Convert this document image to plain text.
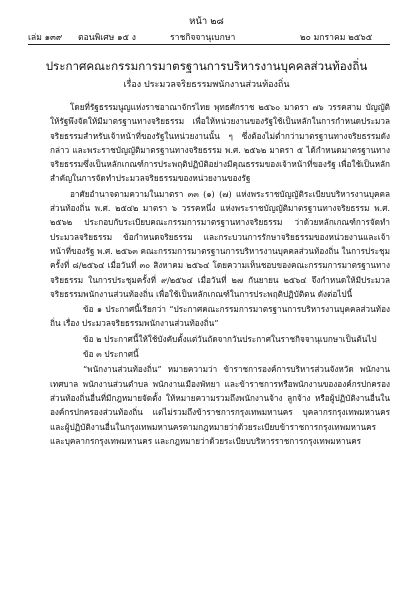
หน้า ๒๘
เล่ม ๑๓๙ ตอนพิเศษ ๑๕ ง	ราชกิจจานุเบกษา	๒๐ มกราคม ๒๕๖๕
ประกาศคณะกรรมการมาตรฐานการบริหารงานบุคคลส่วนท้องถิ่น
เรื่อง ประมวลจริยธรรมพนักงานส่วนท้องถิ่น

โดยที่รัฐธรรมนูญแห่งราชอาณาจักรไทย พุทธศักราช ๒๕๖๐ มาตรา ๗๖ วรรคสาม บัญญัติให้รัฐพึงจัดให้มีมาตรฐานทางจริยธรรม เพื่อให้หน่วยงานของรัฐใช้เป็นหลักในการกำหนดประมวลจริยธรรมสำหรับเจ้าหน้าที่ของรัฐในหน่วยงานนั้น ๆ ซึ่งต้องไม่ต่ำกว่ามาตรฐานทางจริยธรรมดังกล่าว และพระราชบัญญัติมาตรฐานทางจริยธรรม พ.ศ. ๒๕๖๒ มาตรา ๕ ได้กำหนดมาตรฐานทางจริยธรรมซึ่งเป็นหลักเกณฑ์การประพฤติปฏิบัติอย่างมีคุณธรรมของเจ้าหน้าที่ของรัฐ เพื่อใช้เป็นหลักสำคัญในการจัดทำประมวลจริยธรรมของหน่วยงานของรัฐ

อาศัยอำนาจตามความในมาตรา ๓๓ (๑) (๗) แห่งพระราชบัญญัติระเบียบบริหารงานบุคคลส่วนท้องถิ่น พ.ศ. ๒๕๔๒ มาตรา ๖ วรรคหนึ่ง แห่งพระราชบัญญัติมาตรฐานทางจริยธรรม พ.ศ. ๒๕๖๒ ประกอบกับระเบียบคณะกรรมการมาตรฐานทางจริยธรรม ว่าด้วยหลักเกณฑ์การจัดทำประมวลจริยธรรม ข้อกำหนดจริยธรรม และกระบวนการรักษาจริยธรรมของหน่วยงานและเจ้าหน้าที่ของรัฐ พ.ศ. ๒๕๖๓ คณะกรรมการมาตรฐานการบริหารงานบุคคลส่วนท้องถิ่น ในการประชุมครั้งที่ ๘/๒๕๖๔ เมื่อวันที่ ๓๐ สิงหาคม ๒๕๖๔ โดยความเห็นชอบของคณะกรรมการมาตรฐานทางจริยธรรม ในการประชุมครั้งที่ ๙/๒๕๖๔ เมื่อวันที่ ๒๗ กันยายน ๒๕๖๔ จึงกำหนดให้มีประมวลจริยธรรมพนักงานส่วนท้องถิ่น เพื่อใช้เป็นหลักเกณฑ์ในการประพฤติปฏิบัติตน ดังต่อไปนี้

ข้อ ๑ ประกาศนี้เรียกว่า “ประกาศคณะกรรมการมาตรฐานการบริหารงานบุคคลส่วนท้องถิ่น เรื่อง ประมวลจริยธรรมพนักงานส่วนท้องถิ่น”

ข้อ ๒ ประกาศนี้ให้ใช้บังคับตั้งแต่วันถัดจากวันประกาศในราชกิจจานุเบกษาเป็นต้นไป

ข้อ ๓ ประกาศนี้

“พนักงานส่วนท้องถิ่น” หมายความว่า ข้าราชการองค์การบริหารส่วนจังหวัด พนักงานเทศบาล พนักงานส่วนตำบล พนักงานเมืองพัทยา และข้าราชการหรือพนักงานขององค์กรปกครองส่วนท้องถิ่นอื่นที่มีกฎหมายจัดตั้ง ให้หมายความรวมถึงพนักงานจ้าง ลูกจ้าง หรือผู้ปฏิบัติงานอื่นในองค์กรปกครองส่วนท้องถิ่น แต่ไม่รวมถึงข้าราชการกรุงเทพมหานคร บุคลากรกรุงเทพมหานครและผู้ปฏิบัติงานอื่นในกรุงเทพมหานครตามกฎหมายว่าด้วยระเบียบข้าราชการกรุงเทพมหานครและบุคลากรกรุงเทพมหานคร และกฎหมายว่าด้วยระเบียบบริหารราชการกรุงเทพมหานคร
